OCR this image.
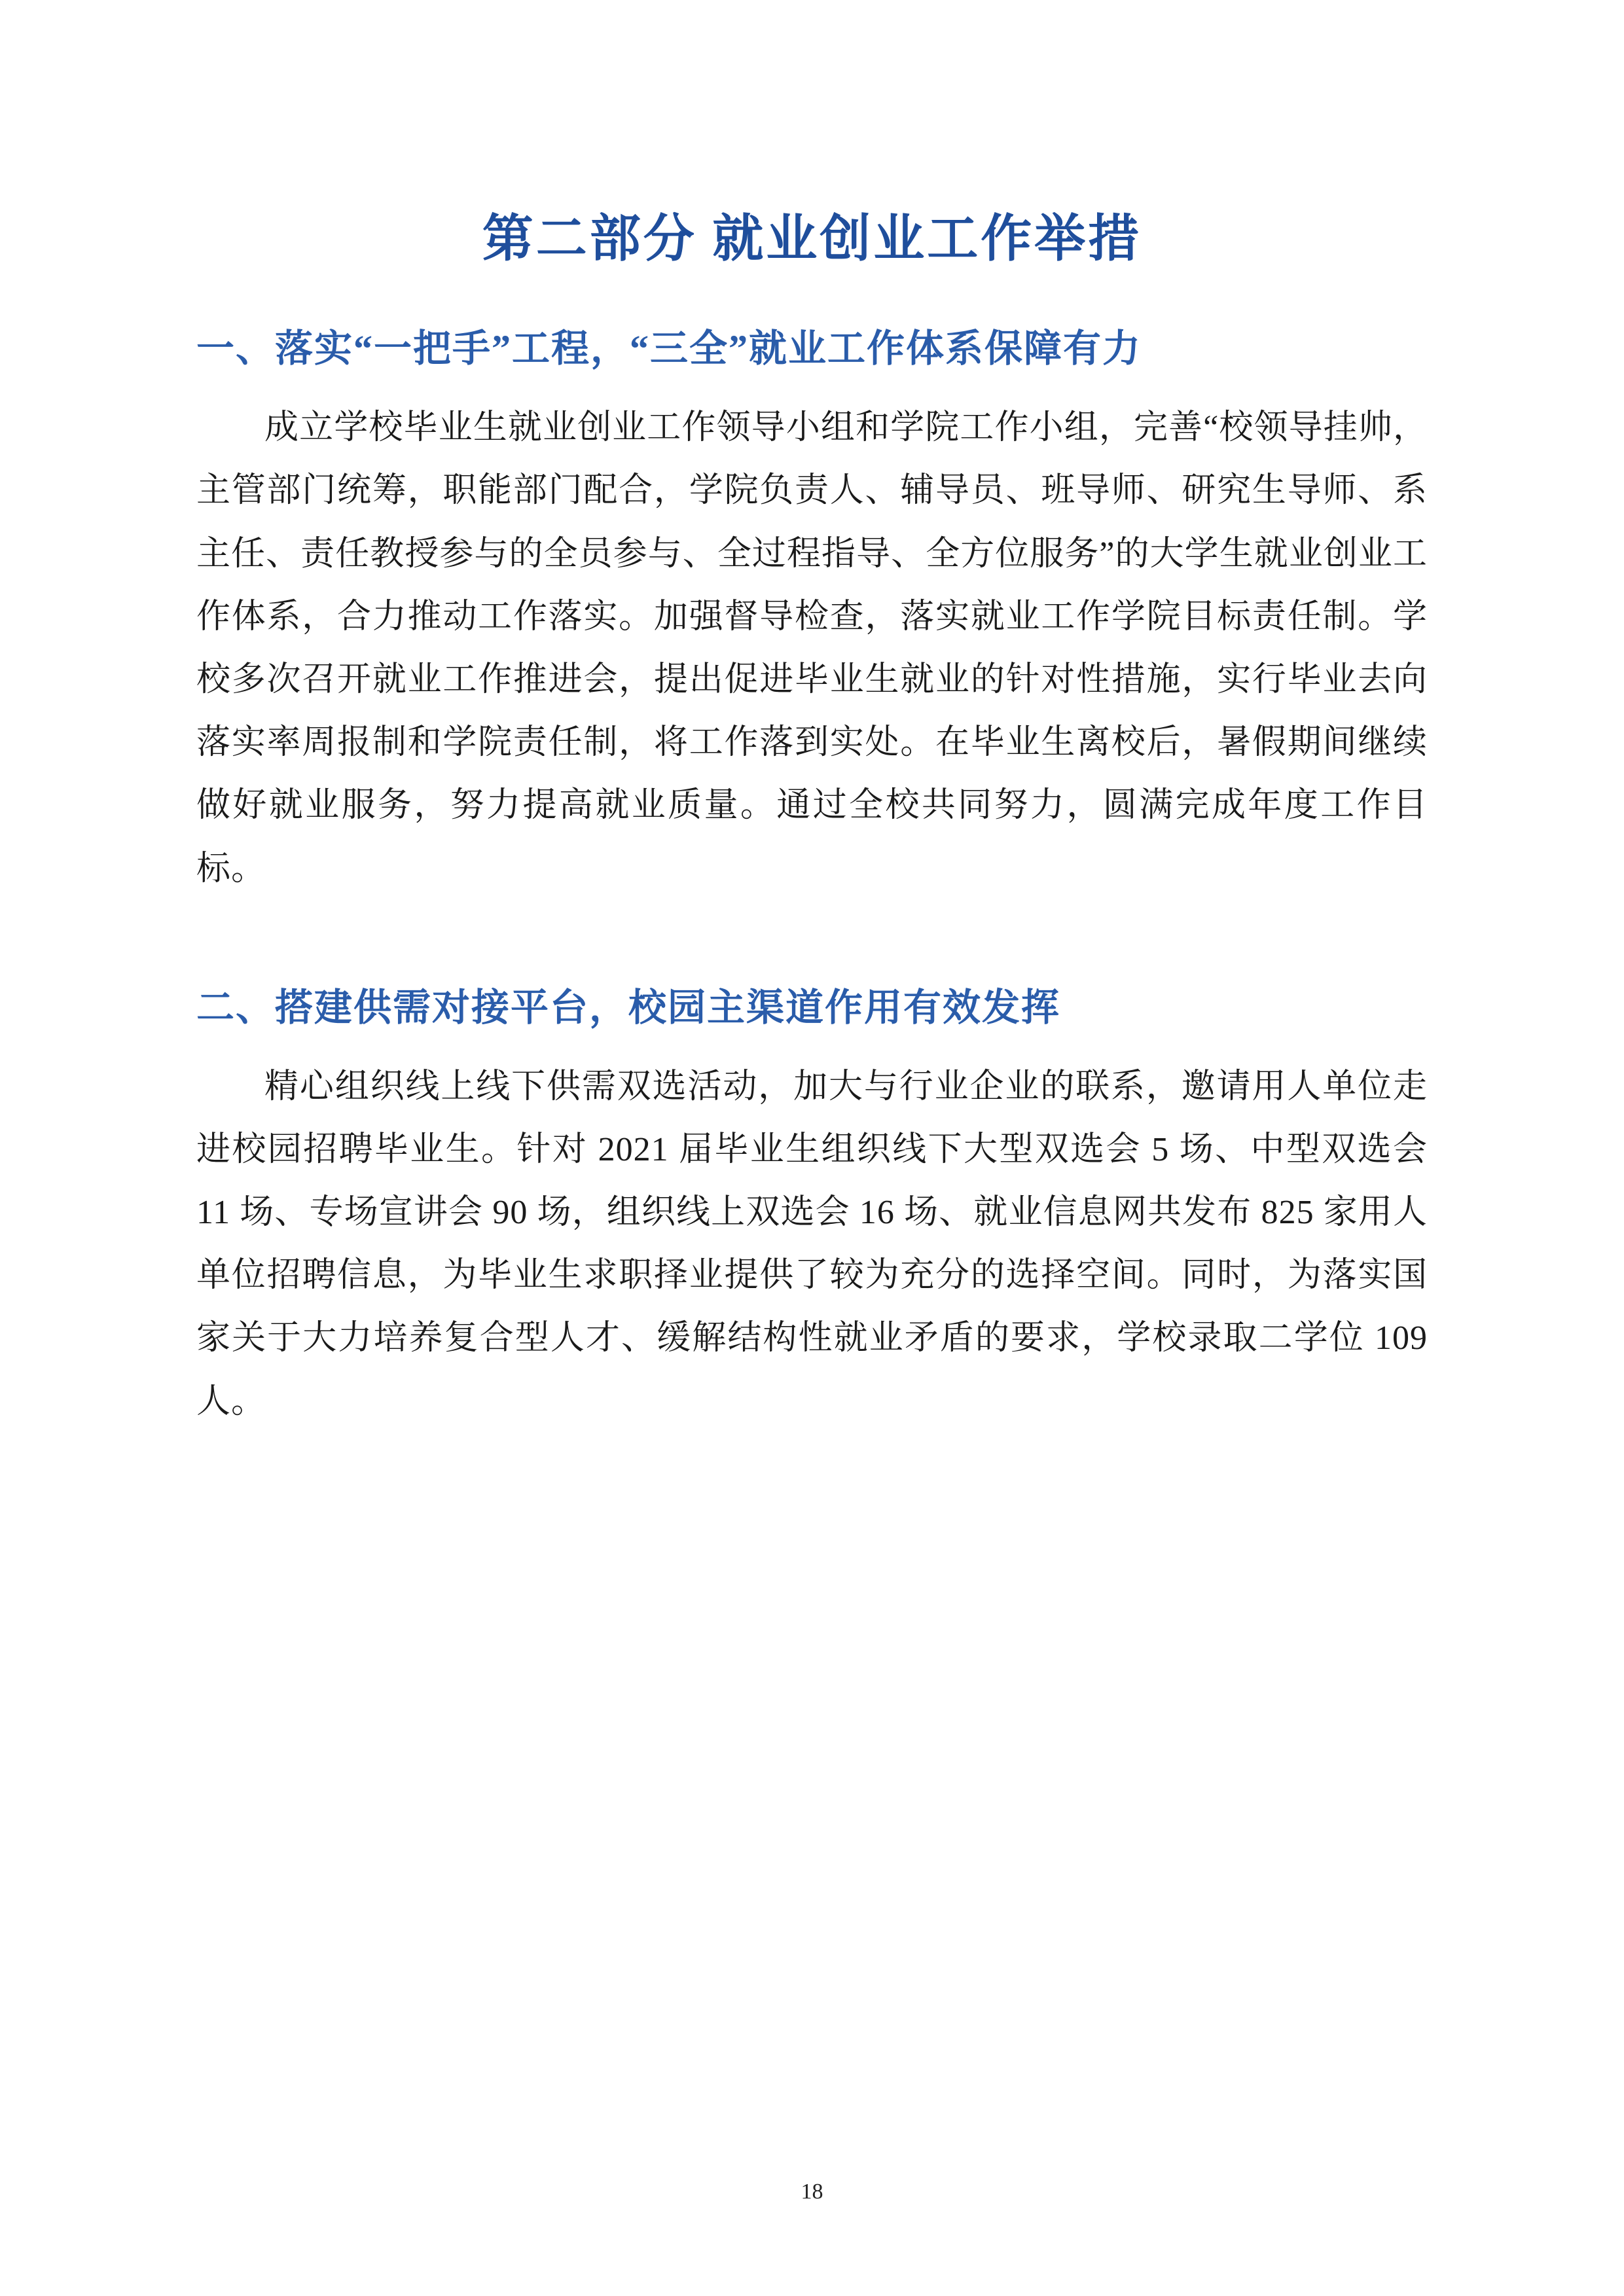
第二部分 就业创业工作举措
一、落实“一把手”工程，“三全”就业工作体系保障有力

成立学校毕业生就业创业工作领导小组和学院工作小组，完善“校领导挂帅，主管部门统筹，职能部门配合，学院负责人、辅导员、班导师、研究生导师、系主任、责任教授参与的全员参与、全过程指导、全方位服务”的大学生就业创业工作体系，合力推动工作落实。加强督导检查，落实就业工作学院目标责任制。学校多次召开就业工作推进会，提出促进毕业生就业的针对性措施，实行毕业去向落实率周报制和学院责任制，将工作落到实处。在毕业生离校后，暑假期间继续做好就业服务，努力提高就业质量。通过全校共同努力，圆满完成年度工作目标。

二、搭建供需对接平台，校园主渠道作用有效发挥

精心组织线上线下供需双选活动，加大与行业企业的联系，邀请用人单位走进校园招聘毕业生。针对 2021 届毕业生组织线下大型双选会 5 场、中型双选会 11 场、专场宣讲会 90 场，组织线上双选会 16 场、就业信息网共发布 825 家用人单位招聘信息，为毕业生求职择业提供了较为充分的选择空间。同时，为落实国家关于大力培养复合型人才、缓解结构性就业矛盾的要求，学校录取二学位 109 人。

18
